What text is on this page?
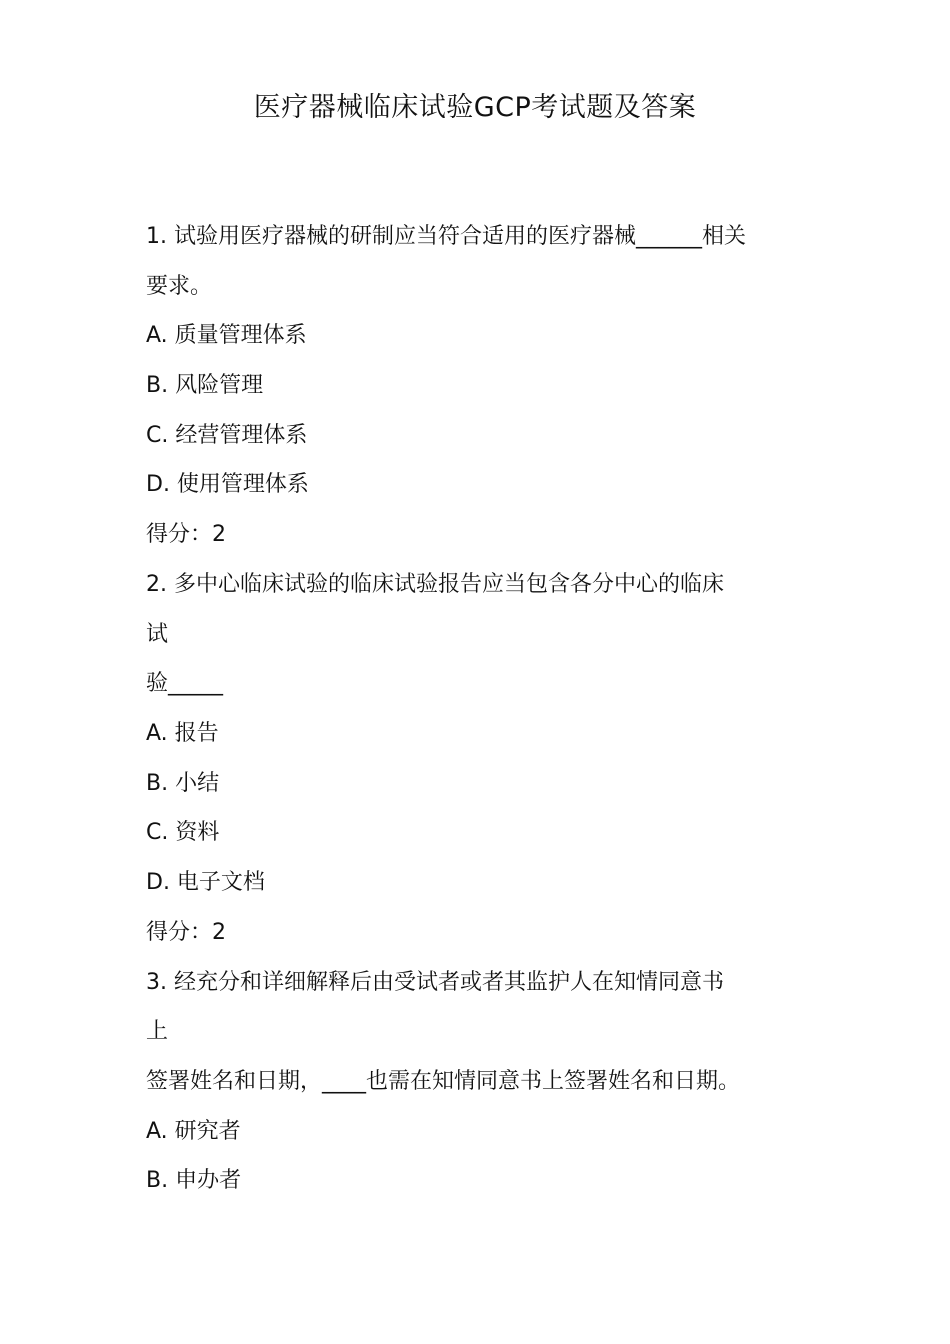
医疗器械临床试验GCP考试题及答案
1. 试验用医疗器械的研制应当符合适用的医疗器械______相关
要求。
A. 质量管理体系
B. 风险管理
C. 经营管理体系
D. 使用管理体系
得分：2
2. 多中心临床试验的临床试验报告应当包含各分中心的临床
试
验_____
A. 报告
B. 小结
C. 资料
D. 电子文档
得分：2
3. 经充分和详细解释后由受试者或者其监护人在知情同意书
上
签署姓名和日期，____也需在知情同意书上签署姓名和日期。
A. 研究者
B. 申办者
